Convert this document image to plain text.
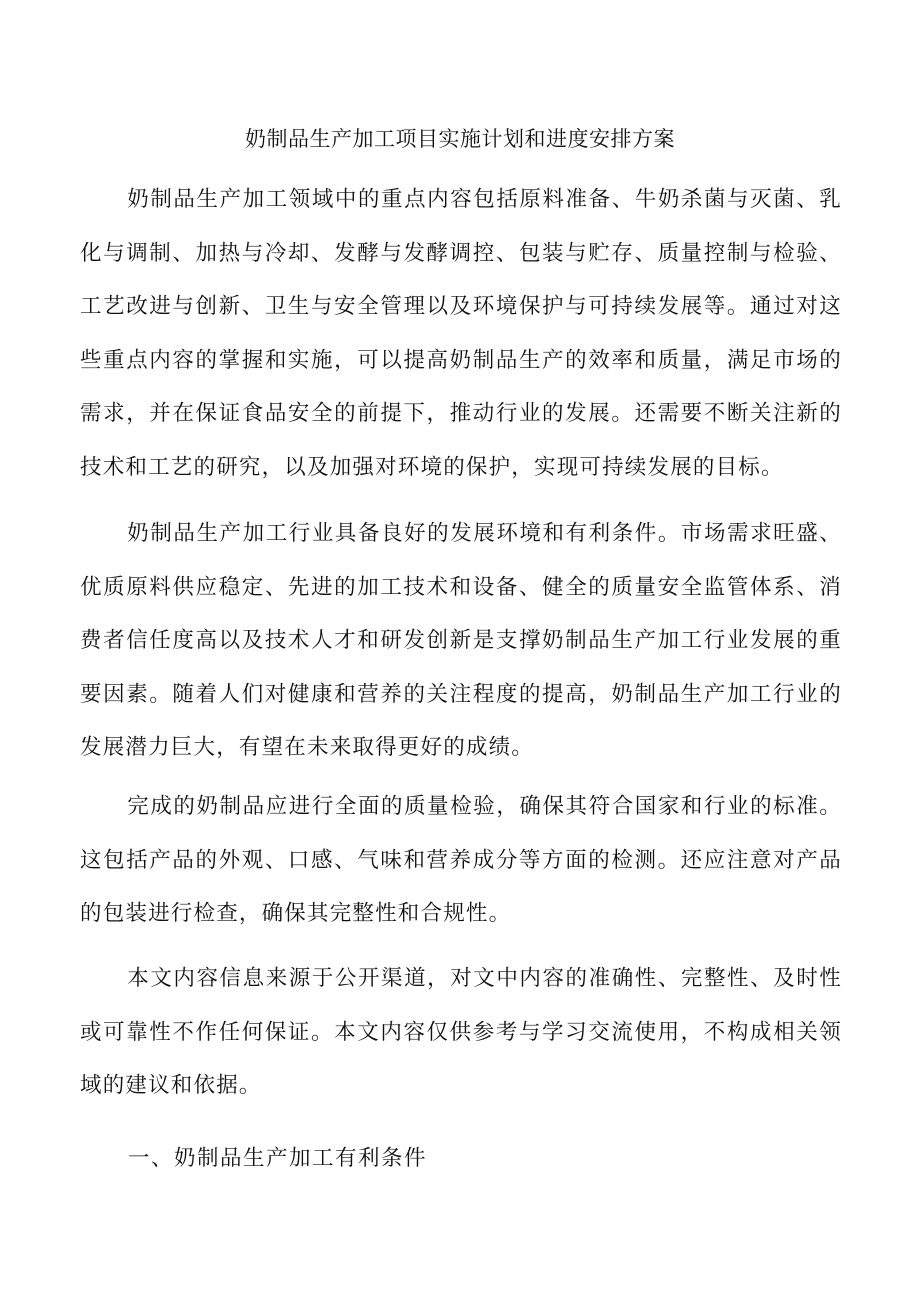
奶制品生产加工项目实施计划和进度安排方案

奶制品生产加工领域中的重点内容包括原料准备、牛奶杀菌与灭菌、乳化与调制、加热与冷却、发酵与发酵调控、包装与贮存、质量控制与检验、工艺改进与创新、卫生与安全管理以及环境保护与可持续发展等。通过对这些重点内容的掌握和实施，可以提高奶制品生产的效率和质量，满足市场的需求，并在保证食品安全的前提下，推动行业的发展。还需要不断关注新的技术和工艺的研究，以及加强对环境的保护，实现可持续发展的目标。

奶制品生产加工行业具备良好的发展环境和有利条件。市场需求旺盛、优质原料供应稳定、先进的加工技术和设备、健全的质量安全监管体系、消费者信任度高以及技术人才和研发创新是支撑奶制品生产加工行业发展的重要因素。随着人们对健康和营养的关注程度的提高，奶制品生产加工行业的发展潜力巨大，有望在未来取得更好的成绩。

完成的奶制品应进行全面的质量检验，确保其符合国家和行业的标准。这包括产品的外观、口感、气味和营养成分等方面的检测。还应注意对产品的包装进行检查，确保其完整性和合规性。

本文内容信息来源于公开渠道，对文中内容的准确性、完整性、及时性或可靠性不作任何保证。本文内容仅供参考与学习交流使用，不构成相关领域的建议和依据。

一、奶制品生产加工有利条件
